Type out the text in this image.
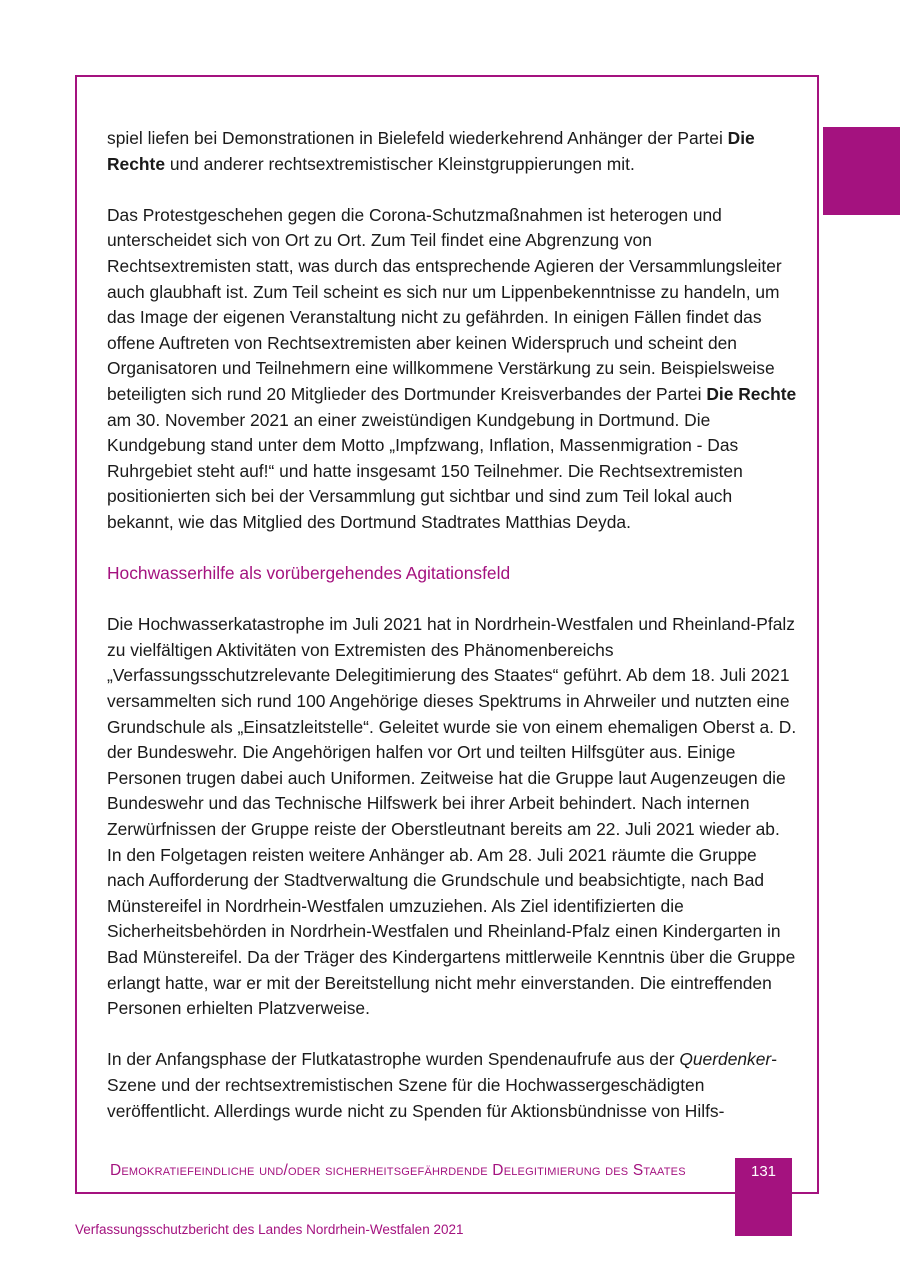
spiel liefen bei Demonstrationen in Bielefeld wiederkehrend Anhänger der Partei Die Rechte und anderer rechtsextremistischer Kleinstgruppierungen mit.

Das Protestgeschehen gegen die Corona-Schutzmaßnahmen ist heterogen und unterscheidet sich von Ort zu Ort. Zum Teil findet eine Abgrenzung von Rechtsextremisten statt, was durch das entsprechende Agieren der Versammlungsleiter auch glaubhaft ist. Zum Teil scheint es sich nur um Lippenbekenntnisse zu handeln, um das Image der eigenen Veranstaltung nicht zu gefährden. In einigen Fällen findet das offene Auftreten von Rechtsextremisten aber keinen Widerspruch und scheint den Organisatoren und Teilnehmern eine willkommene Verstärkung zu sein. Beispielsweise beteiligten sich rund 20 Mitglieder des Dortmunder Kreisverbandes der Partei Die Rechte am 30. November 2021 an einer zweistündigen Kundgebung in Dortmund. Die Kundgebung stand unter dem Motto „Impfzwang, Inflation, Massenmigration - Das Ruhrgebiet steht auf!“ und hatte insgesamt 150 Teilnehmer. Die Rechtsextremisten positionierten sich bei der Versammlung gut sichtbar und sind zum Teil lokal auch bekannt, wie das Mitglied des Dortmund Stadtrates Matthias Deyda.

Hochwasserhilfe als vorübergehendes Agitationsfeld

Die Hochwasserkatastrophe im Juli 2021 hat in Nordrhein-Westfalen und Rheinland-Pfalz zu vielfältigen Aktivitäten von Extremisten des Phänomenbereichs „Verfassungsschutzrelevante Delegitimierung des Staates“ geführt. Ab dem 18. Juli 2021 versammelten sich rund 100 Angehörige dieses Spektrums in Ahrweiler und nutzten eine Grundschule als „Einsatzleitstelle“. Geleitet wurde sie von einem ehemaligen Oberst a. D. der Bundeswehr. Die Angehörigen halfen vor Ort und teilten Hilfsgüter aus. Einige Personen trugen dabei auch Uniformen. Zeitweise hat die Gruppe laut Augenzeugen die Bundeswehr und das Technische Hilfswerk bei ihrer Arbeit behindert. Nach internen Zerwürfnissen der Gruppe reiste der Oberstleutnant bereits am 22. Juli 2021 wieder ab. In den Folgetagen reisten weitere Anhänger ab. Am 28. Juli 2021 räumte die Gruppe nach Aufforderung der Stadtverwaltung die Grundschule und beabsichtigte, nach Bad Münstereifel in Nordrhein-Westfalen umzuziehen. Als Ziel identifizierten die Sicherheitsbehörden in Nordrhein-Westfalen und Rheinland-Pfalz einen Kindergarten in Bad Münstereifel. Da der Träger des Kindergartens mittlerweile Kenntnis über die Gruppe erlangt hatte, war er mit der Bereitstellung nicht mehr einverstanden. Die eintreffenden Personen erhielten Platzverweise.

In der Anfangsphase der Flutkatastrophe wurden Spendenaufrufe aus der Querdenker-Szene und der rechtsextremistischen Szene für die Hochwassergeschädigten veröffentlicht. Allerdings wurde nicht zu Spenden für Aktionsbündnisse von Hilfs-

Demokratiefeindliche und/oder sicherheitsgefährdende Delegitimierung des Staates	131
Verfassungsschutzbericht des Landes Nordrhein-Westfalen 2021
